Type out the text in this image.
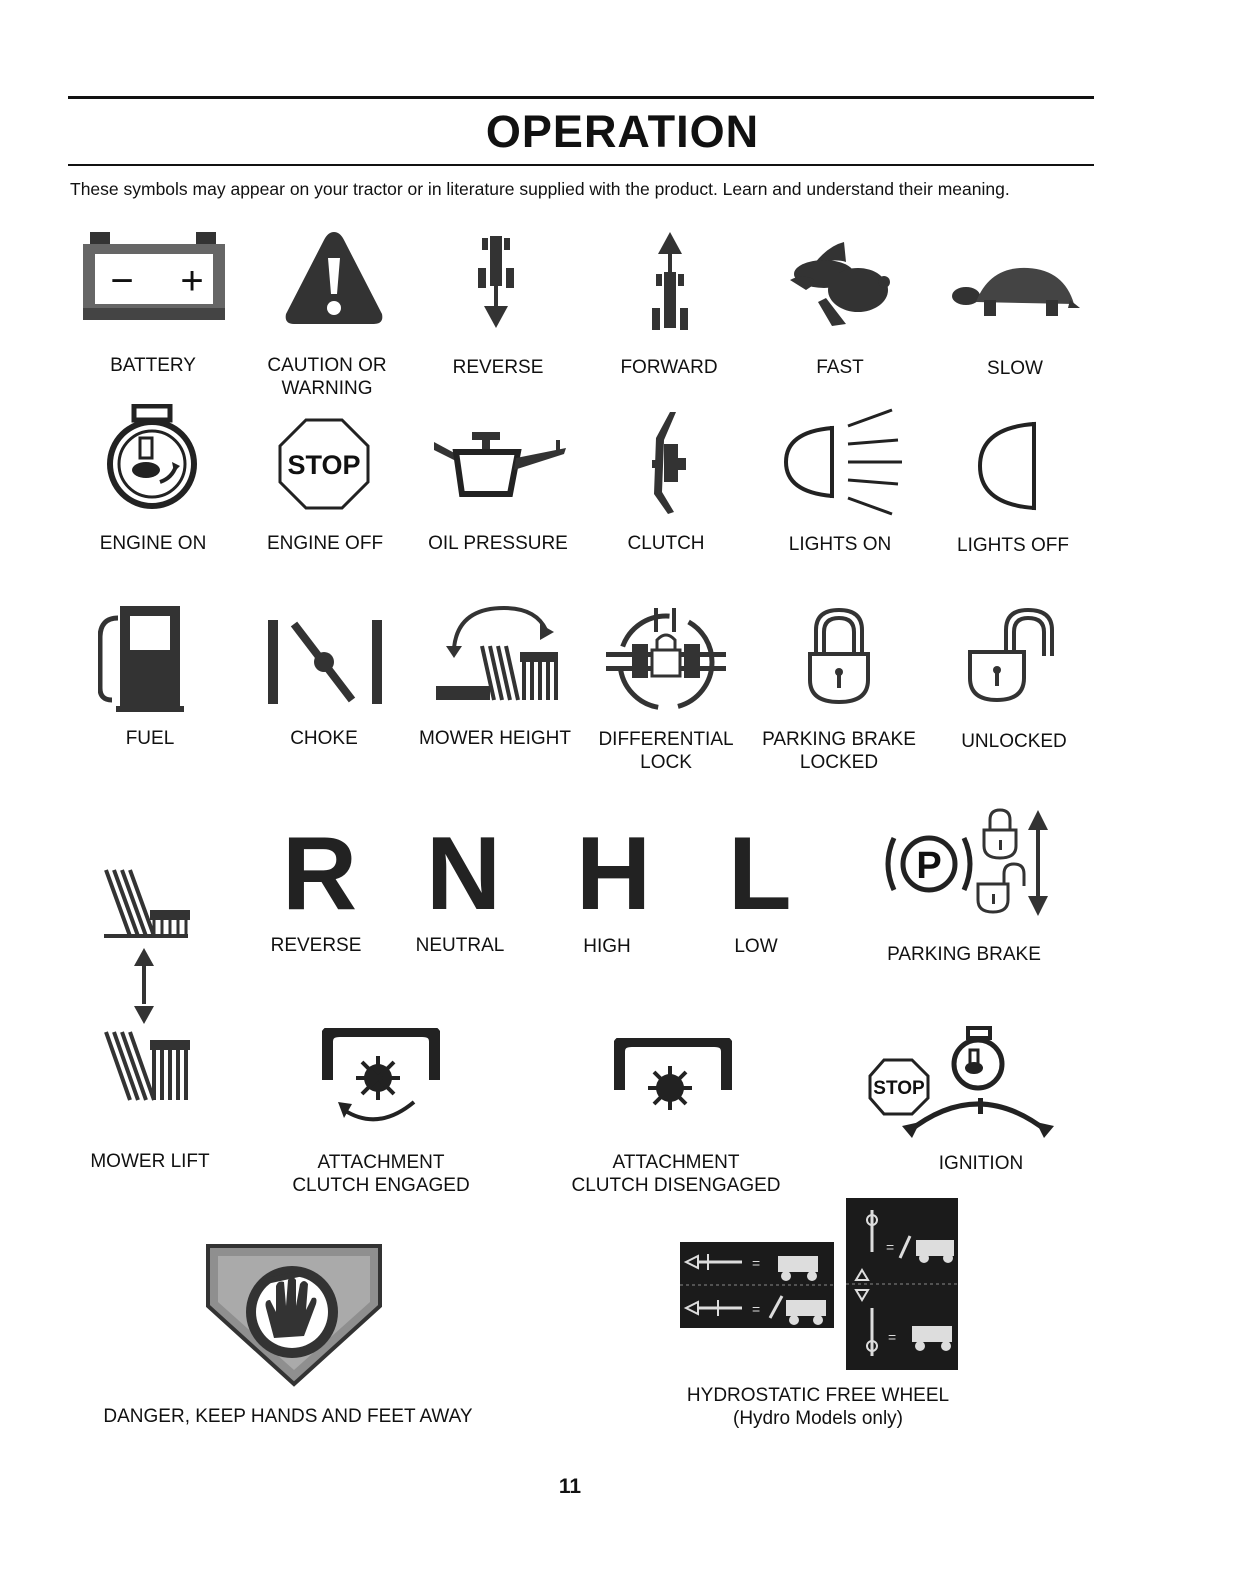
OPERATION
These symbols may appear on your tractor or in literature supplied with the product. Learn and understand their meaning.
− +
BATTERY	CAUTION OR
WARNING
REVERSE	FORWARD	FAST	SLOW
ENGINE ON
STOP
ENGINE OFF	OIL PRESSURE	CLUTCH	LIGHTS ON	LIGHTS OFF
FUEL	CHOKE	MOWER HEIGHT	DIFFERENTIAL
LOCK
PARKING BRAKE
LOCKED
UNLOCKED
MOWER LIFT
R
REVERSE
N
NEUTRAL
H
HIGH
L
LOW
P
PARKING BRAKE
ATTACHMENT
CLUTCH ENGAGED
ATTACHMENT
CLUTCH DISENGAGED
STOP
IGNITION
DANGER, KEEP HANDS AND FEET AWAY
=
=
=
=
HYDROSTATIC FREE WHEEL
(Hydro Models only)
11
